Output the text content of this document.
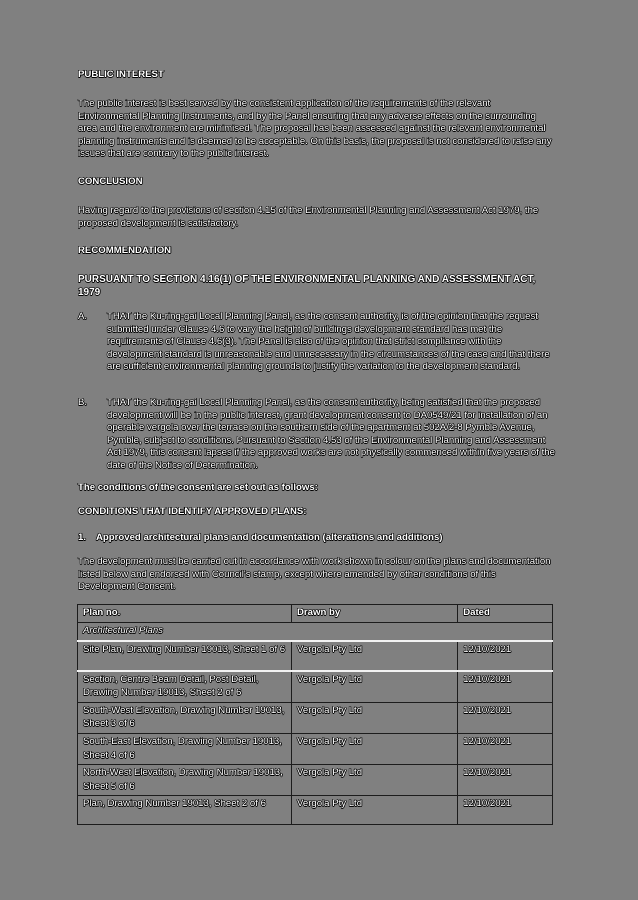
PUBLIC INTEREST
The public interest is best served by the consistent application of the requirements of the relevant Environmental Planning Instruments, and by the Panel ensuring that any adverse effects on the surrounding area and the environment are minimised. The proposal has been assessed against the relevant environmental planning instruments and is deemed to be acceptable. On this basis, the proposal is not considered to raise any issues that are contrary to the public interest.
CONCLUSION
Having regard to the provisions of section 4.15 of the Environmental Planning and Assessment Act 1979, the proposed development is satisfactory.
RECOMMENDATION
PURSUANT TO SECTION 4.16(1) OF THE ENVIRONMENTAL PLANNING AND ASSESSMENT ACT, 1979
A. THAT the Ku-ring-gai Local Planning Panel, as the consent authority, is of the opinion that the request submitted under Clause 4.6 to vary the height of buildings development standard has met the requirements of Clause 4.6(3). The Panel is also of the opinion that strict compliance with the development standard is unreasonable and unnecessary in the circumstances of the case and that there are sufficient environmental planning grounds to justify the variation to the development standard.
B. THAT the Ku-ring-gai Local Planning Panel, as the consent authority, being satisfied that the proposed development will be in the public interest, grant development consent to DA0549/21 for installation of an operable vergola over the terrace on the southern side of the apartment at 502A/2-8 Pymble Avenue, Pymble, subject to conditions. Pursuant to Section 4.53 of the Environmental Planning and Assessment Act 1979, this consent lapses if the approved works are not physically commenced within five years of the date of the Notice of Determination.
The conditions of the consent are set out as follows:
CONDITIONS THAT IDENTIFY APPROVED PLANS:
1. Approved architectural plans and documentation (alterations and additions)
The development must be carried out in accordance with work shown in colour on the plans and documentation listed below and endorsed with Council's stamp, except where amended by other conditions of this Development Consent.
Plan no.	Drawn by	Dated
Architectural Plans		
Site Plan, Drawing Number 19013, Sheet 1 of 6	Vergola Pty Ltd	12/10/2021
Section, Centre Beam Detail, Post Detail, Drawing Number 19013, Sheet 2 of 6	Vergola Pty Ltd	12/10/2021
South-West Elevation, Drawing Number 19013, Sheet 3 of 6	Vergola Pty Ltd	12/10/2021
South-East Elevation, Drawing Number 19013, Sheet 4 of 6	Vergola Pty Ltd	12/10/2021
North-West Elevation, Drawing Number 19013, Sheet 5 of 6	Vergola Pty Ltd	12/10/2021
Plan, Drawing Number 19013, Sheet 2 of 6	Vergola Pty Ltd	12/10/2021
